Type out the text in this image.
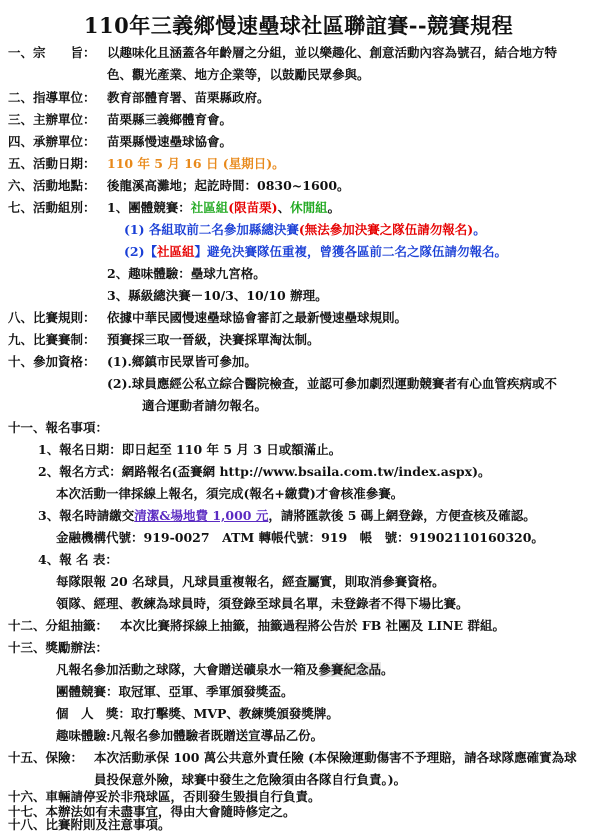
110年三義鄉慢速壘球社區聯誼賽--競賽規程
一、宗　　旨： 以趣味化且涵蓋各年齡層之分組，並以樂趣化、創意活動內容為號召，結合地方特
色、觀光產業、地方企業等，以鼓勵民眾參與。
二、指導單位： 教育部體育署、苗栗縣政府。
三、主辦單位： 苗栗縣三義鄉體育會。
四、承辦單位： 苗栗縣慢速壘球協會。
五、活動日期： 110 年 5 月 16 日 (星期日)。
六、活動地點： 後龍溪高灘地；起訖時間：0830~1600。
七、活動組別： 1、團體競賽：社區組(限苗栗)、休閒組。
(1) 各組取前二名參加縣總決賽(無法參加決賽之隊伍請勿報名)。
(2)【社區組】避免決賽隊伍重複，曾獲各區前二名之隊伍請勿報名。
2、趣味體驗：壘球九宮格。
3、縣級總決賽－10/3、10/10 辦理。
八、比賽規則： 依據中華民國慢速壘球協會審訂之最新慢速壘球規則。
九、比賽賽制： 預賽採三取一晉級，決賽採單淘汰制。
十、參加資格： (1).鄉鎮市民眾皆可參加。
(2).球員應經公私立綜合醫院檢查，並認可參加劇烈運動競賽者有心血管疾病或不
適合運動者請勿報名。
十一、報名事項：
1、報名日期：即日起至 110 年 5 月 3 日或額滿止。
2、報名方式：網路報名(盃賽網 http://www.bsaila.com.tw/index.aspx)。
本次活動一律採線上報名，須完成(報名+繳費)才會核准參賽。
3、報名時請繳交清潔&場地費 1,000 元，請將匯款後 5 碼上網登錄，方便查核及確認。
金融機構代號：919-0027　ATM 轉帳代號：919　帳　號：91902110160320。
4、報 名 表：
每隊限報 20 名球員，凡球員重複報名，經查屬實，則取消參賽資格。
領隊、經理、教練為球員時，須登錄至球員名單，未登錄者不得下場比賽。
十二、分組抽籤： 本次比賽將採線上抽籤，抽籤過程將公告於 FB 社團及 LINE 群組。
十三、獎勵辦法：
凡報名參加活動之球隊，大會贈送礦泉水一箱及參賽紀念品。
團體競賽：取冠軍、亞軍、季軍頒發獎盃。
個　人　獎：取打擊獎、MVP、教練獎頒發獎牌。
趣味體驗:凡報名參加體驗者既贈送宣導品乙份。
十五、保險： 本次活動承保 100 萬公共意外責任險 (本保險運動傷害不予理賠，請各球隊應確實為球
員投保意外險，球賽中發生之危險須由各隊自行負責。)。
十六、車輛請停妥於非飛球區，否則發生毀損自行負責。
十七、本辦法如有未盡事宜，得由大會隨時修定之。
十八、比賽附則及注意事項。
